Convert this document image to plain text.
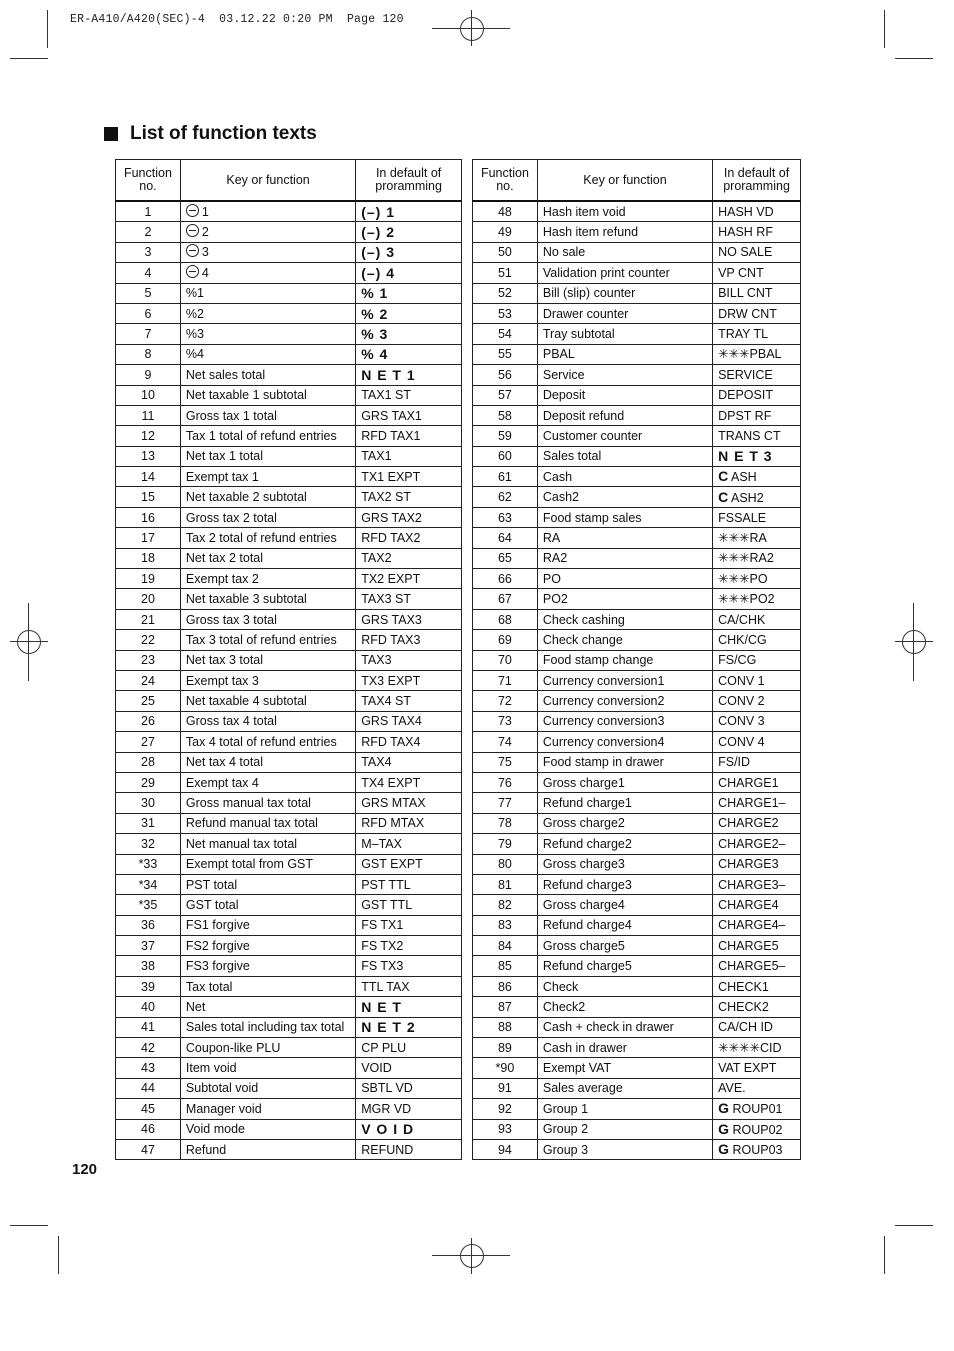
ER-A410/A420(SEC)-4  03.12.22 0:20 PM  Page 120
List of function texts
Function no.	Key or function	In default of proramming
1	1	(–) 1
2	2	(–) 2
3	3	(–) 3
4	4	(–) 4
5	%1	% 1
6	%2	% 2
7	%3	% 3
8	%4	% 4
9	Net sales total	N E T 1
10	Net taxable 1 subtotal	TAX1 ST
11	Gross tax 1 total	GRS TAX1
12	Tax 1 total of refund entries	RFD TAX1
13	Net tax 1 total	TAX1
14	Exempt tax 1	TX1 EXPT
15	Net taxable 2 subtotal	TAX2 ST
16	Gross tax 2 total	GRS TAX2
17	Tax 2 total of refund entries	RFD TAX2
18	Net tax 2 total	TAX2
19	Exempt tax 2	TX2 EXPT
20	Net taxable 3 subtotal	TAX3 ST
21	Gross tax 3 total	GRS TAX3
22	Tax 3 total of refund entries	RFD TAX3
23	Net tax 3 total	TAX3
24	Exempt tax 3	TX3 EXPT
25	Net taxable 4 subtotal	TAX4 ST
26	Gross tax 4 total	GRS TAX4
27	Tax 4 total of refund entries	RFD TAX4
28	Net tax 4 total	TAX4
29	Exempt tax 4	TX4 EXPT
30	Gross manual tax total	GRS MTAX
31	Refund manual tax total	RFD MTAX
32	Net manual tax total	M–TAX
*33	Exempt total from GST	GST EXPT
*34	PST total	PST TTL
*35	GST total	GST TTL
36	FS1 forgive	FS TX1
37	FS2 forgive	FS TX2
38	FS3 forgive	FS TX3
39	Tax total	TTL TAX
40	Net	N E T
41	Sales total including tax total	N E T 2
42	Coupon-like PLU	CP PLU
43	Item void	VOID
44	Subtotal void	SBTL VD
45	Manager void	MGR VD
46	Void mode	V O I D
47	Refund	REFUND
Function no.	Key or function	In default of proramming
48	Hash item void	HASH VD
49	Hash item refund	HASH RF
50	No sale	NO SALE
51	Validation print counter	VP CNT
52	Bill (slip) counter	BILL CNT
53	Drawer counter	DRW CNT
54	Tray subtotal	TRAY TL
55	PBAL	✳✳✳PBAL
56	Service	SERVICE
57	Deposit	DEPOSIT
58	Deposit refund	DPST RF
59	Customer counter	TRANS CT
60	Sales total	N E T 3
61	Cash	C ASH
62	Cash2	C ASH2
63	Food stamp sales	FSSALE
64	RA	✳✳✳RA
65	RA2	✳✳✳RA2
66	PO	✳✳✳PO
67	PO2	✳✳✳PO2
68	Check cashing	CA/CHK
69	Check change	CHK/CG
70	Food stamp change	FS/CG
71	Currency conversion1	CONV 1
72	Currency conversion2	CONV 2
73	Currency conversion3	CONV 3
74	Currency conversion4	CONV 4
75	Food stamp in drawer	FS/ID
76	Gross charge1	CHARGE1
77	Refund charge1	CHARGE1–
78	Gross charge2	CHARGE2
79	Refund charge2	CHARGE2–
80	Gross charge3	CHARGE3
81	Refund charge3	CHARGE3–
82	Gross charge4	CHARGE4
83	Refund charge4	CHARGE4–
84	Gross charge5	CHARGE5
85	Refund charge5	CHARGE5–
86	Check	CHECK1
87	Check2	CHECK2
88	Cash + check in drawer	CA/CH ID
89	Cash in drawer	✳✳✳✳CID
*90	Exempt VAT	VAT EXPT
91	Sales average	AVE.
92	Group 1	G ROUP01
93	Group 2	G ROUP02
94	Group 3	G ROUP03
120
